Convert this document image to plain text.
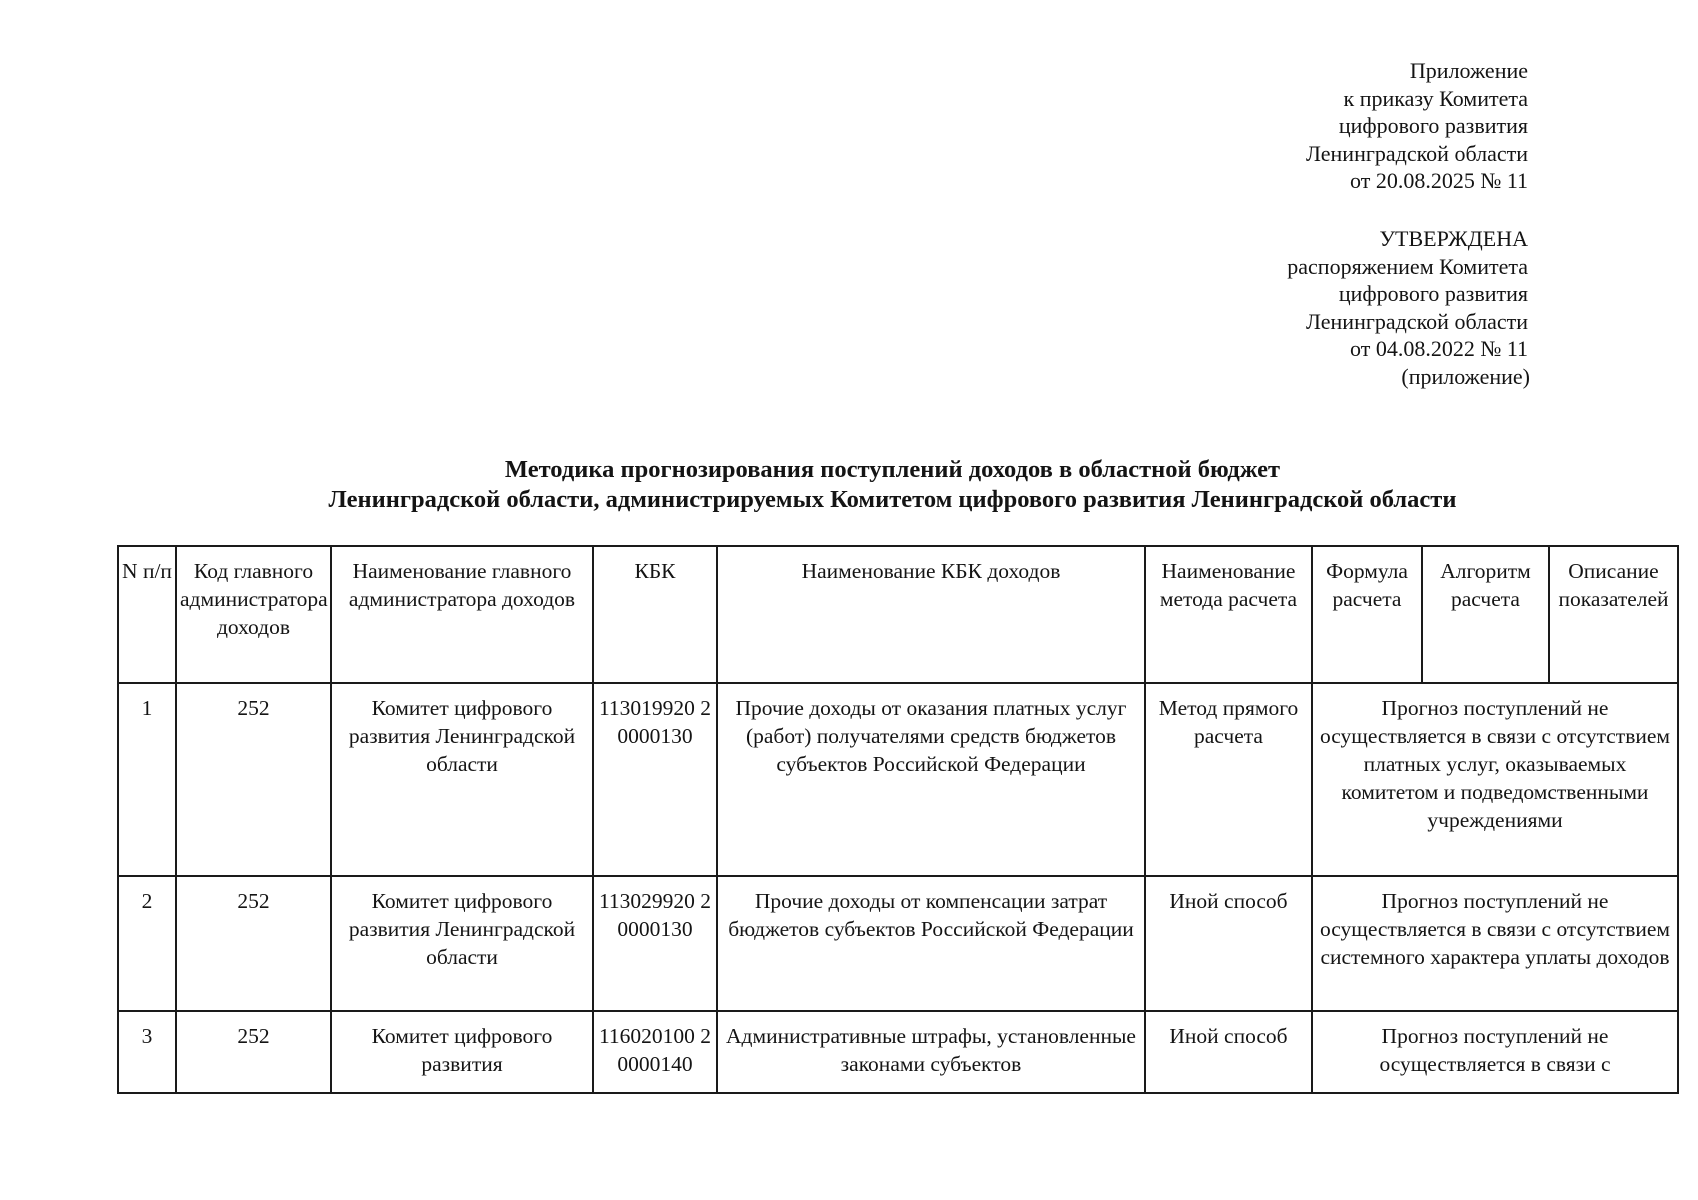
Приложение
к приказу Комитета
цифрового развития
Ленинградской области
от 20.08.2025 № 11
УТВЕРЖДЕНА
распоряжением Комитета
цифрового развития
Ленинградской области
от 04.08.2022 № 11
(приложение)
Методика прогнозирования поступлений доходов в областной бюджет
Ленинградской области, администрируемых Комитетом цифрового развития Ленинградской области
N п/п	Код главного администратора доходов	Наименование главного администратора доходов	КБК	Наименование КБК доходов	Наименование метода расчета	Формула расчета	Алгоритм расчета	Описание показателей
1	252	Комитет цифрового развития Ленинградской области	113019920 20000130	Прочие доходы от оказания платных услуг (работ) получателями средств бюджетов субъектов Российской Федерации	Метод прямого расчета	Прогноз поступлений не осуществляется в связи с отсутствием платных услуг, оказываемых комитетом и подведомственными учреждениями		
2	252	Комитет цифрового развития Ленинградской области	113029920 20000130	Прочие доходы от компенсации затрат бюджетов субъектов Российской Федерации	Иной способ	Прогноз поступлений не осуществляется в связи с отсутствием системного характера уплаты доходов		
3	252	Комитет цифрового развития	116020100 20000140	Административные штрафы, установленные законами субъектов	Иной способ	Прогноз поступлений не осуществляется в связи с		
